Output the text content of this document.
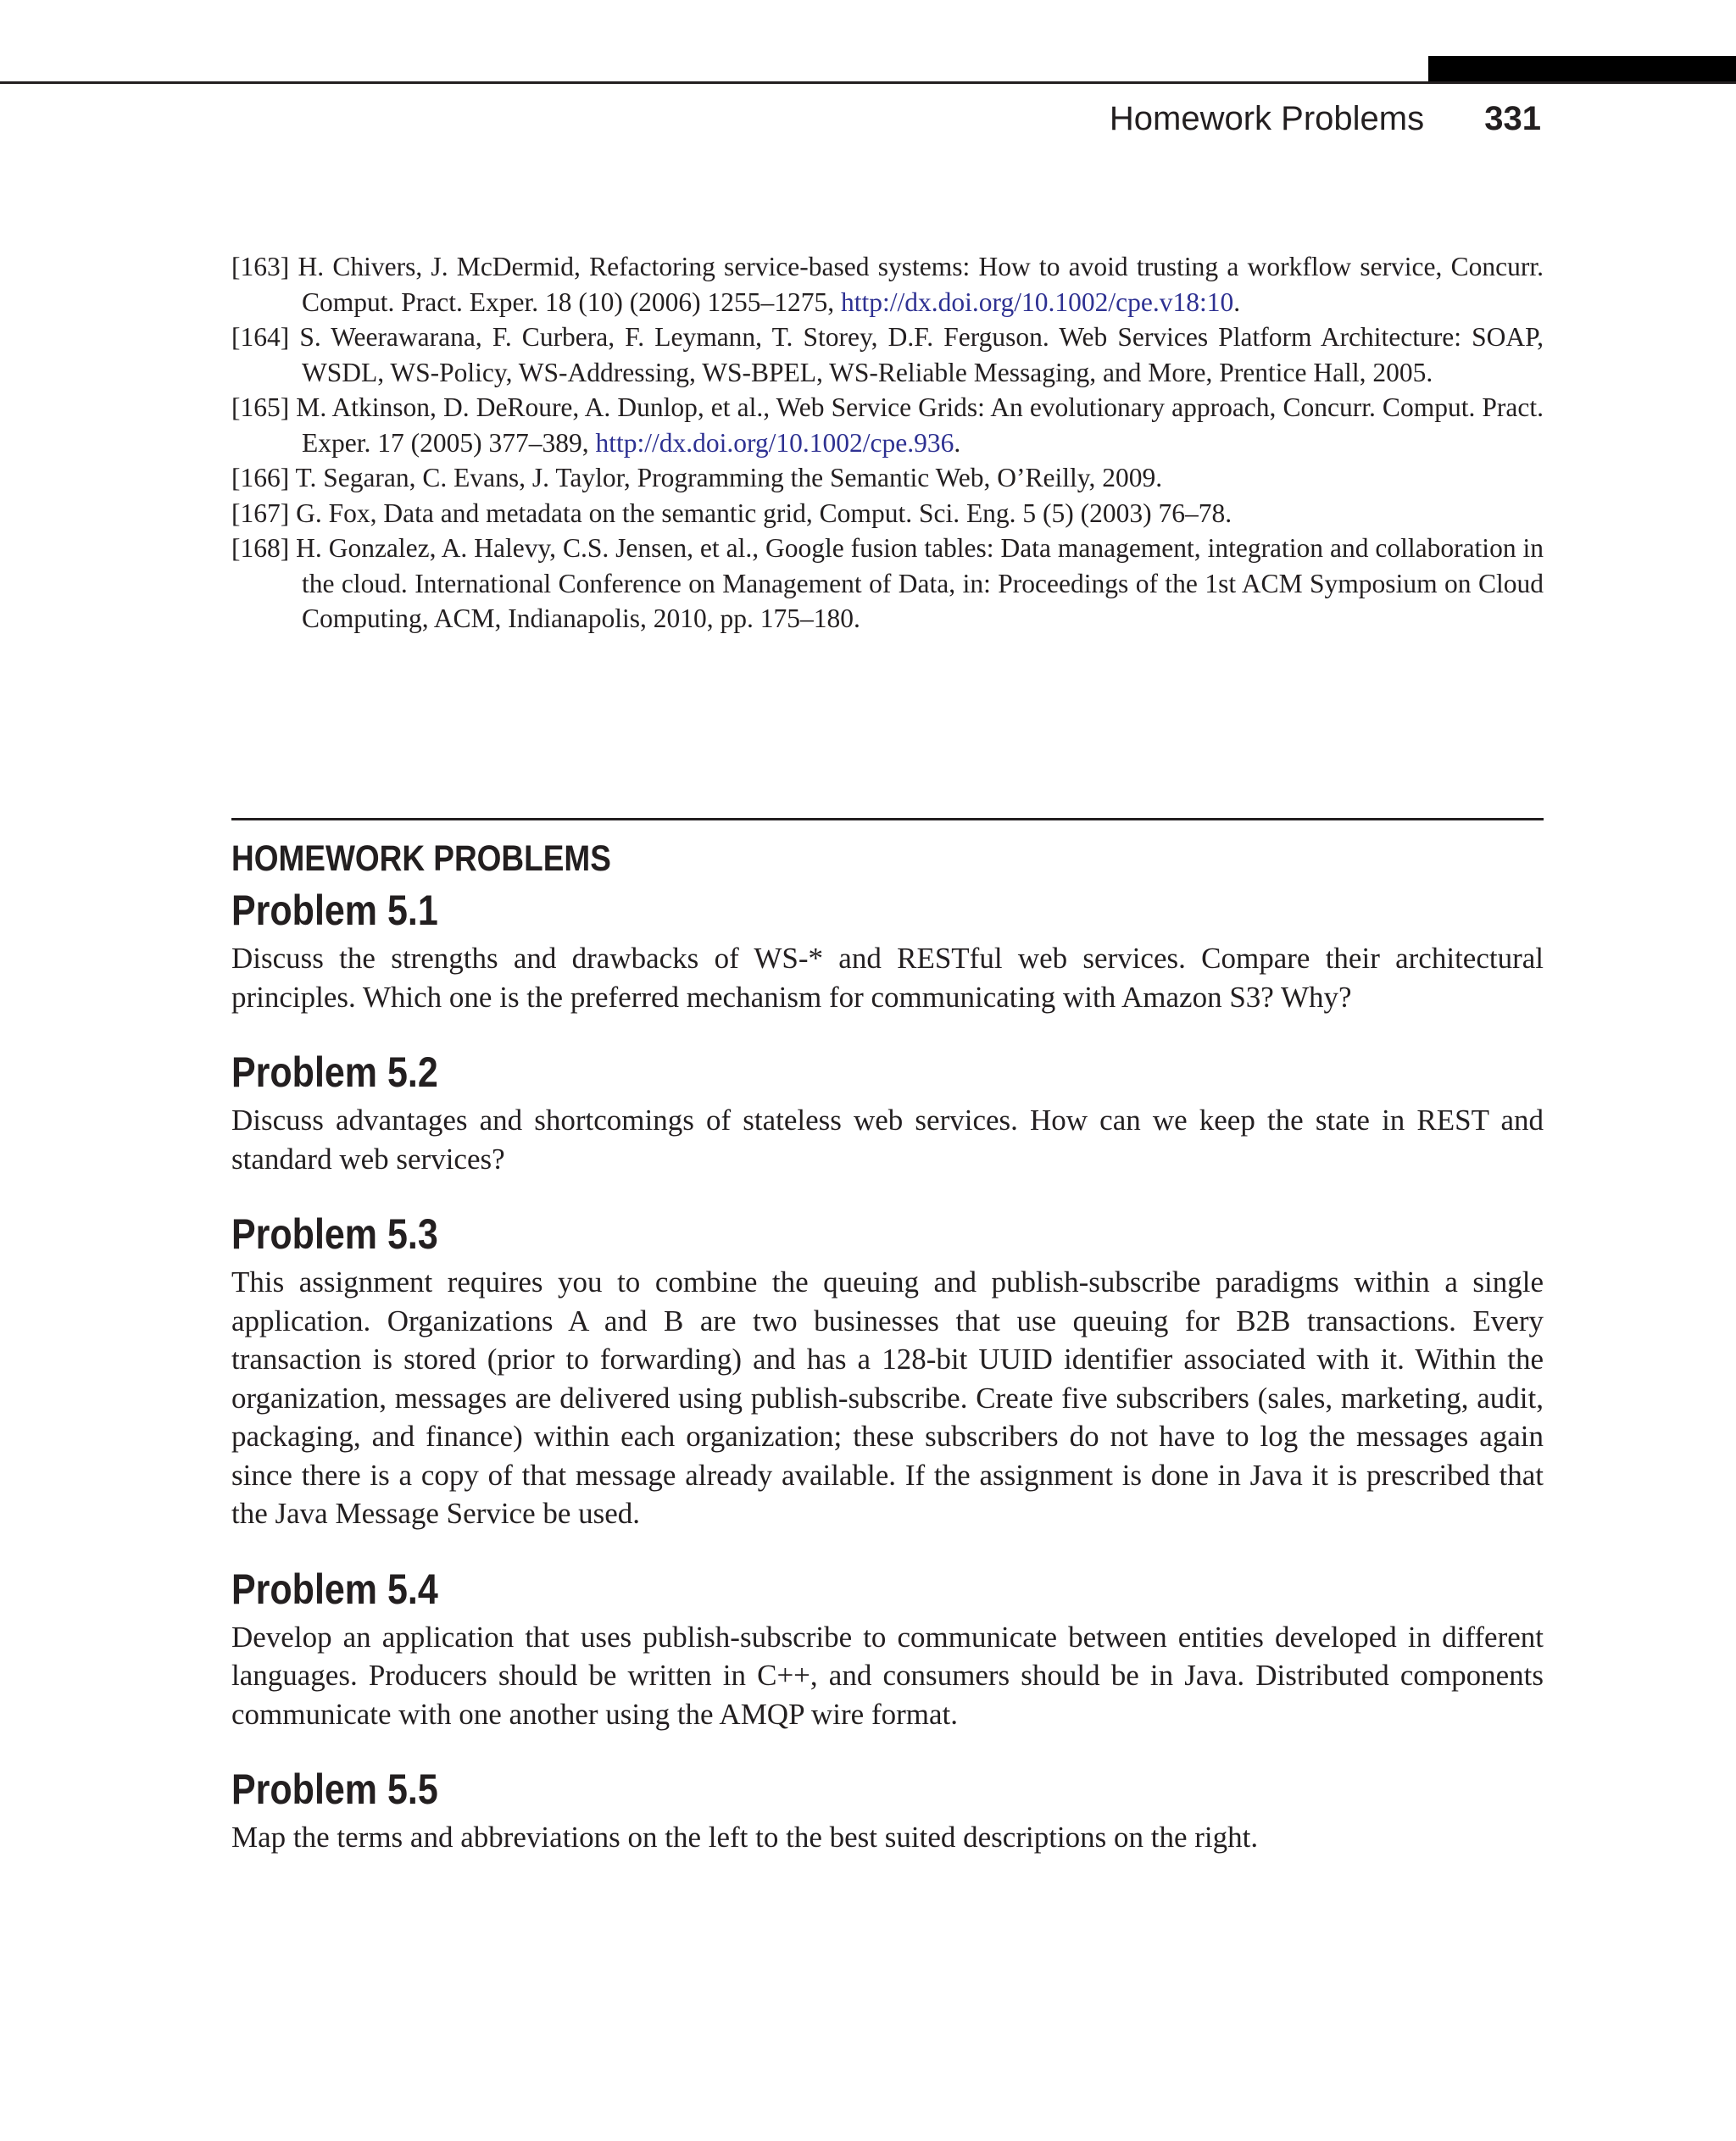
Homework Problems 331
[163] H. Chivers, J. McDermid, Refactoring service-based systems: How to avoid trusting a workflow service, Concurr. Comput. Pract. Exper. 18 (10) (2006) 1255–1275, http://dx.doi.org/10.1002/cpe.v18:10.
[164] S. Weerawarana, F. Curbera, F. Leymann, T. Storey, D.F. Ferguson. Web Services Platform Architecture: SOAP, WSDL, WS-Policy, WS-Addressing, WS-BPEL, WS-Reliable Messaging, and More, Prentice Hall, 2005.
[165] M. Atkinson, D. DeRoure, A. Dunlop, et al., Web Service Grids: An evolutionary approach, Concurr. Comput. Pract. Exper. 17 (2005) 377–389, http://dx.doi.org/10.1002/cpe.936.
[166] T. Segaran, C. Evans, J. Taylor, Programming the Semantic Web, O’Reilly, 2009.
[167] G. Fox, Data and metadata on the semantic grid, Comput. Sci. Eng. 5 (5) (2003) 76–78.
[168] H. Gonzalez, A. Halevy, C.S. Jensen, et al., Google fusion tables: Data management, integration and collaboration in the cloud. International Conference on Management of Data, in: Proceedings of the 1st ACM Symposium on Cloud Computing, ACM, Indianapolis, 2010, pp. 175–180.
HOMEWORK PROBLEMS
Problem 5.1

Discuss the strengths and drawbacks of WS-* and RESTful web services. Compare their architectural principles. Which one is the preferred mechanism for communicating with Amazon S3? Why?

Problem 5.2

Discuss advantages and shortcomings of stateless web services. How can we keep the state in REST and standard web services?

Problem 5.3

This assignment requires you to combine the queuing and publish-subscribe paradigms within a single application. Organizations A and B are two businesses that use queuing for B2B transactions. Every transaction is stored (prior to forwarding) and has a 128-bit UUID identifier associated with it. Within the organization, messages are delivered using publish-subscribe. Create five subscribers (sales, marketing, audit, packaging, and finance) within each organization; these subscribers do not have to log the messages again since there is a copy of that message already available. If the assignment is done in Java it is prescribed that the Java Message Service be used.

Problem 5.4

Develop an application that uses publish-subscribe to communicate between entities developed in different languages. Producers should be written in C++, and consumers should be in Java. Distributed components communicate with one another using the AMQP wire format.

Problem 5.5

Map the terms and abbreviations on the left to the best suited descriptions on the right.
